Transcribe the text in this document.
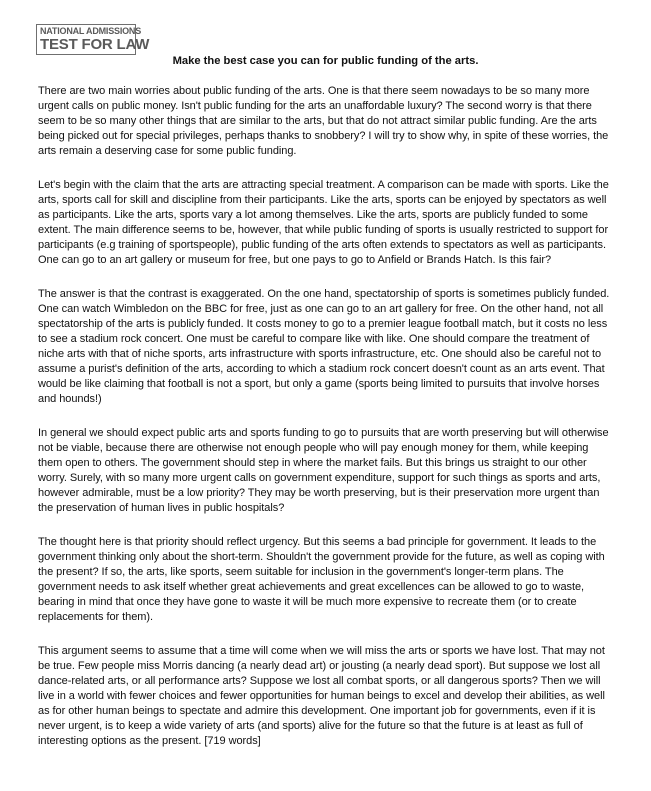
NATIONAL ADMISSIONS
TEST FOR LAW
Make the best case you can for public funding of the arts.

There are two main worries about public funding of the arts. One is that there seem nowadays to be so many more urgent calls on public money. Isn't public funding for the arts an unaffordable luxury? The second worry is that there seem to be so many other things that are similar to the arts, but that do not attract similar public funding. Are the arts being picked out for special privileges, perhaps thanks to snobbery? I will try to show why, in spite of these worries, the arts remain a deserving case for some public funding.

Let's begin with the claim that the arts are attracting special treatment. A comparison can be made with sports. Like the arts, sports call for skill and discipline from their participants. Like the arts, sports can be enjoyed by spectators as well as participants. Like the arts, sports vary a lot among themselves. Like the arts, sports are publicly funded to some extent. The main difference seems to be, however, that while public funding of sports is usually restricted to support for participants (e.g training of sportspeople), public funding of the arts often extends to spectators as well as participants. One can go to an art gallery or museum for free, but one pays to go to Anfield or Brands Hatch. Is this fair?

The answer is that the contrast is exaggerated. On the one hand, spectatorship of sports is sometimes publicly funded. One can watch Wimbledon on the BBC for free, just as one can go to an art gallery for free. On the other hand, not all spectatorship of the arts is publicly funded. It costs money to go to a premier league football match, but it costs no less to see a stadium rock concert. One must be careful to compare like with like. One should compare the treatment of niche arts with that of niche sports, arts infrastructure with sports infrastructure, etc. One should also be careful not to assume a purist's definition of the arts, according to which a stadium rock concert doesn't count as an arts event. That would be like claiming that football is not a sport, but only a game (sports being limited to pursuits that involve horses and hounds!)

In general we should expect public arts and sports funding to go to pursuits that are worth preserving but will otherwise not be viable, because there are otherwise not enough people who will pay enough money for them, while keeping them open to others. The government should step in where the market fails. But this brings us straight to our other worry. Surely, with so many more urgent calls on government expenditure, support for such things as sports and arts, however admirable, must be a low priority? They may be worth preserving, but is their preservation more urgent than the preservation of human lives in public hospitals?

The thought here is that priority should reflect urgency. But this seems a bad principle for government. It leads to the government thinking only about the short-term. Shouldn't the government provide for the future, as well as coping with the present? If so, the arts, like sports, seem suitable for inclusion in the government's longer-term plans. The government needs to ask itself whether great achievements and great excellences can be allowed to go to waste, bearing in mind that once they have gone to waste it will be much more expensive to recreate them (or to create replacements for them).

This argument seems to assume that a time will come when we will miss the arts or sports we have lost. That may not be true. Few people miss Morris dancing (a nearly dead art) or jousting (a nearly dead sport). But suppose we lost all dance-related arts, or all performance arts? Suppose we lost all combat sports, or all dangerous sports? Then we will live in a world with fewer choices and fewer opportunities for human beings to excel and develop their abilities, as well as for other human beings to spectate and admire this development. One important job for governments, even if it is never urgent, is to keep a wide variety of arts (and sports) alive for the future so that the future is at least as full of interesting options as the present. [719 words]
